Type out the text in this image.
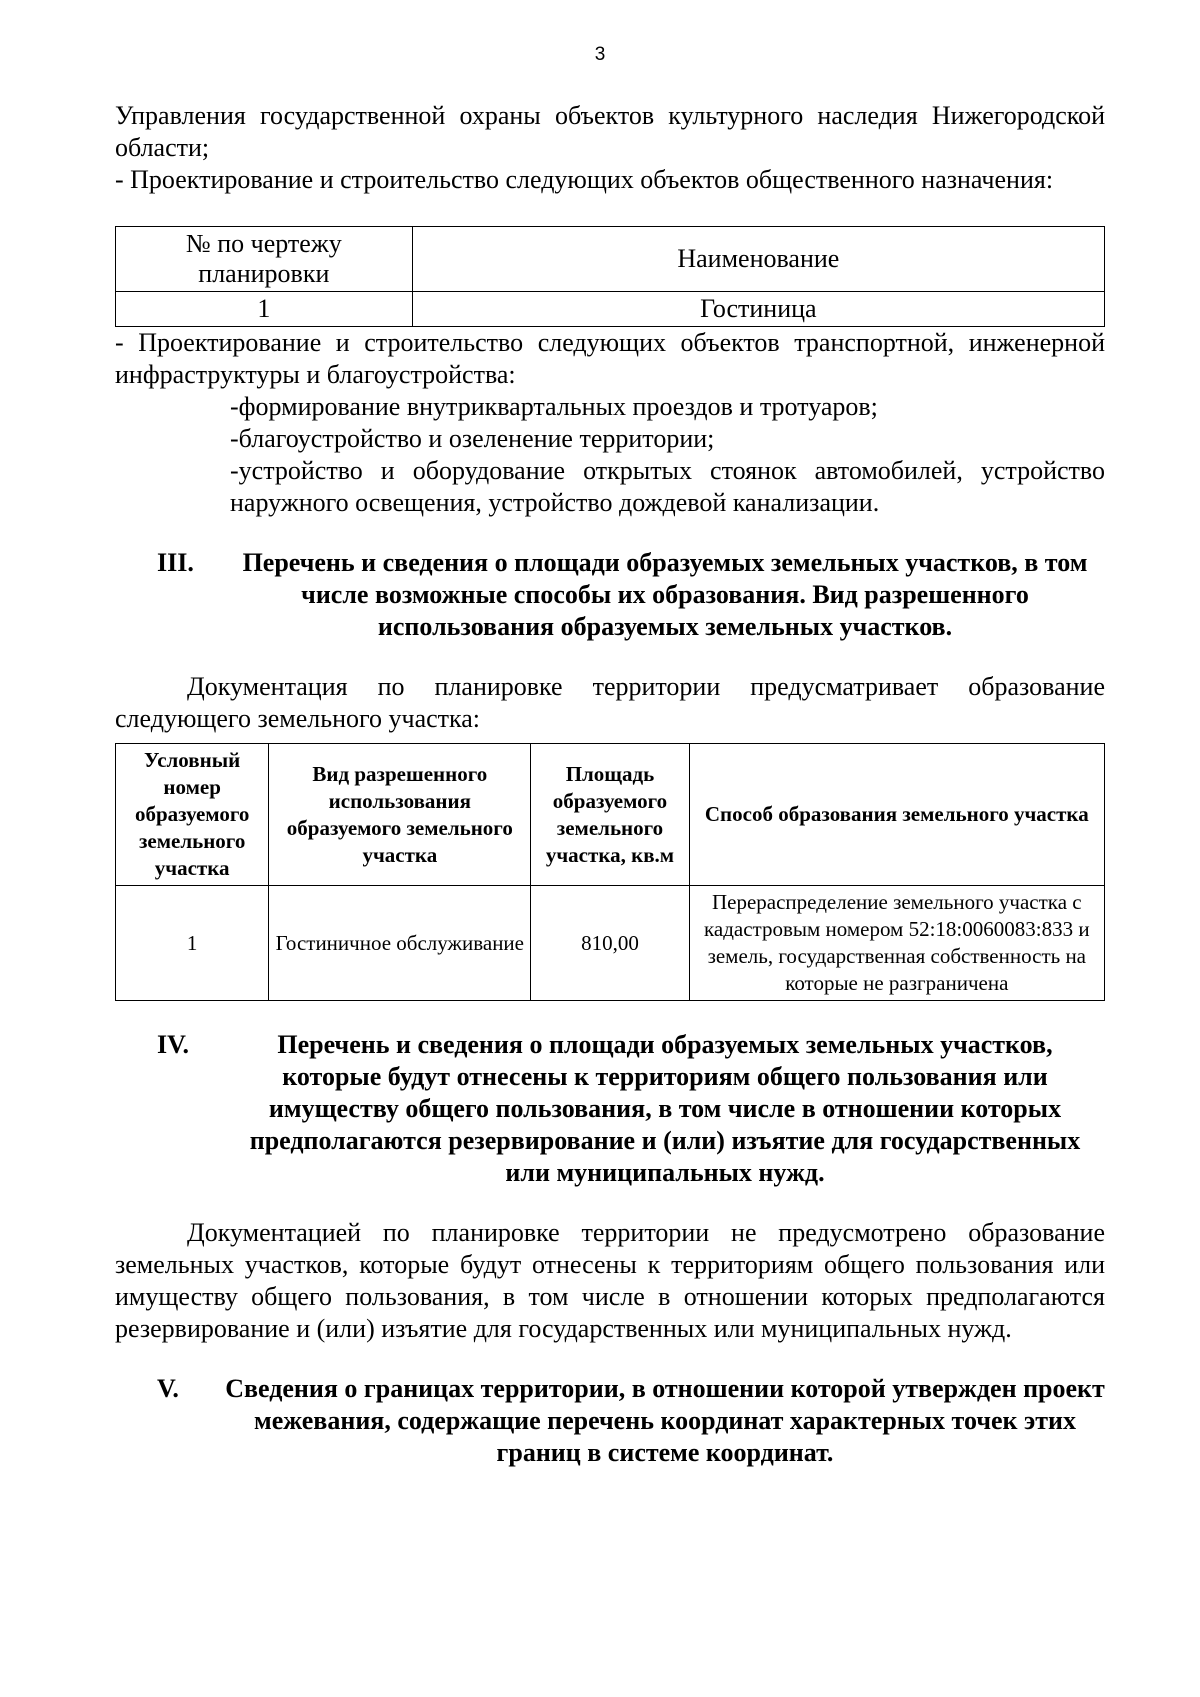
3

Управления государственной охраны объектов культурного наследия Нижегородской области;

- Проектирование и строительство следующих объектов общественного назначения:

№ по чертежу планировки	Наименование
1	Гостиница

- Проектирование и строительство следующих объектов транспортной, инженерной инфраструктуры и благоустройства:

-формирование внутриквартальных проездов и тротуаров;

-благоустройство и озеленение территории;

-устройство и оборудование открытых стоянок автомобилей, устройство наружного освещения, устройство дождевой канализации.

III.	Перечень и сведения о площади образуемых земельных участков, в том числе возможные способы их образования. Вид разрешенного использования образуемых земельных участков.

Документация по планировке территории предусматривает образование следующего земельного участка:

Условный номер образуемого земельного участка	Вид разрешенного использования образуемого земельного участка	Площадь образуемого земельного участка, кв.м	Способ образования земельного участка
1	Гостиничное обслуживание	810,00	Перераспределение земельного участка с кадастровым номером 52:18:0060083:833 и земель, государственная собственность на которые не разграничена
IV.	Перечень и сведения о площади образуемых земельных участков, которые будут отнесены к территориям общего пользования или имуществу общего пользования, в том числе в отношении которых предполагаются резервирование и (или) изъятие для государственных или муниципальных нужд.

Документацией по планировке территории не предусмотрено образование земельных участков, которые будут отнесены к территориям общего пользования или имуществу общего пользования, в том числе в отношении которых предполагаются резервирование и (или) изъятие для государственных или муниципальных нужд.

V.	Сведения о границах территории, в отношении которой утвержден проект межевания, содержащие перечень координат характерных точек этих границ в системе координат.
